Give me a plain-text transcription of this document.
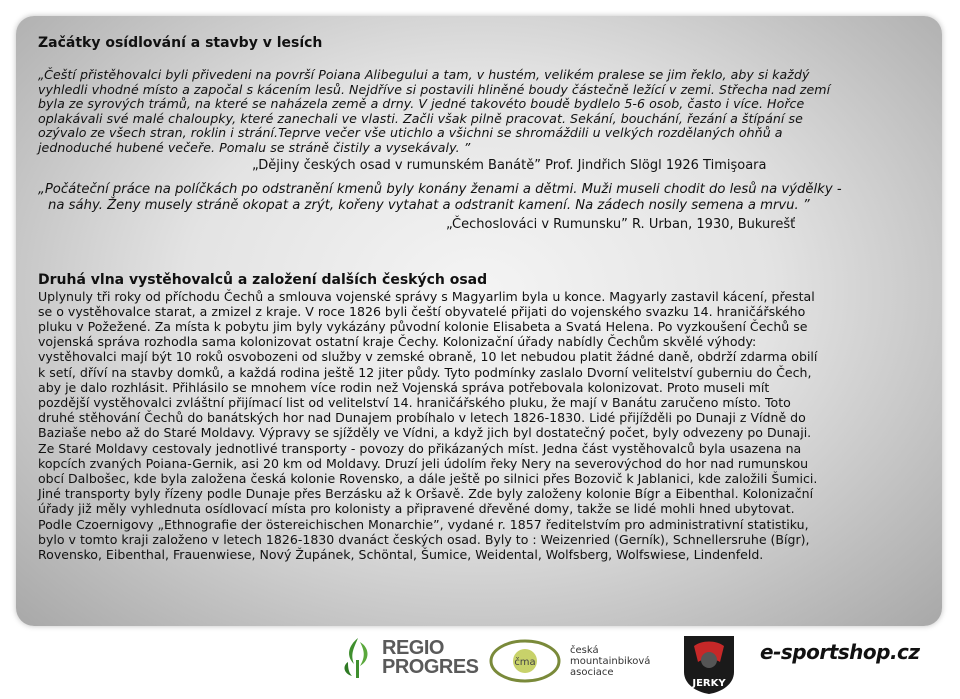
Začátky osídlování a stavby v lesích
„Čeští přistěhovalci byli přivedeni na površí Poiana Alibegului a tam, v hustém, velikém pralese se jim řeklo, aby si každý
vyhledli vhodné místo a započal s kácením lesů. Nejdříve si postavili hliněné boudy částečně ležící v zemi. Střecha nad zemí
byla ze syrových trámů, na které se naházela země a drny. V jedné takovéto boudě bydlelo 5-6 osob, často i více. Hořce
oplakávali své malé chaloupky, které zanechali ve vlasti. Začli však pilně pracovat. Sekání, bouchání, řezání a štípání se
ozývalo ze všech stran, roklin i strání.Teprve večer vše utichlo a všichni se shromáždili u velkých rozdělaných ohňů a
jednoduché hubené večeře. Pomalu se stráně čistily a vysekávaly. ”
„Dějiny českých osad v rumunském Banátě” Prof. Jindřich Slögl 1926 Timişoara
„Počáteční práce na políčkách po odstranění kmenů byly konány ženami a dětmi. Muži museli chodit do lesů na výdělky -
na sáhy. Ženy musely stráně okopat a zrýt, kořeny vytahat a odstranit kamení. Na zádech nosily semena a mrvu. ”
„Čechoslováci v Rumunsku” R. Urban, 1930, Bukurešť
Druhá vlna vystěhovalců a založení dalších českých osad
Uplynuly tři roky od příchodu Čechů a smlouva vojenské správy s Magyarlim byla u konce. Magyarly zastavil kácení, přestal
se o vystěhovalce starat, a zmizel z kraje. V roce 1826 byli čeští obyvatelé přijati do vojenského svazku 14. hraničářského
pluku v Požežené. Za místa k pobytu jim byly vykázány původní kolonie Elisabeta a Svatá Helena. Po vyzkoušení Čechů se
vojenská správa rozhodla sama kolonizovat ostatní kraje Čechy. Kolonizační úřady nabídly Čechům skvělé výhody:
vystěhovalci mají být 10 roků osvobozeni od služby v zemské obraně, 10 let nebudou platit žádné daně, obdrží zdarma obilí
k setí, dříví na stavby domků, a každá rodina ještě 12 jiter půdy. Tyto podmínky zaslalo Dvorní velitelství guberniu do Čech,
aby je dalo rozhlásit. Přihlásilo se mnohem více rodin než Vojenská správa potřebovala kolonizovat. Proto museli mít
pozdější vystěhovalci zvláštní přijímací list od velitelství 14. hraničářského pluku, že mají v Banátu zaručeno místo. Toto
druhé stěhování Čechů do banátských hor nad Dunajem probíhalo v letech 1826-1830. Lidé přijížděli po Dunaji z Vídně do
Baziaše nebo až do Staré Moldavy. Výpravy se sjížděly ve Vídni, a když jich byl dostatečný počet, byly odvezeny po Dunaji.
Ze Staré Moldavy cestovaly jednotlivé transporty - povozy do přikázaných míst. Jedna část vystěhovalců byla usazena na
kopcích zvaných Poiana-Gernik, asi 20 km od Moldavy. Druzí jeli údolím řeky Nery na severovýchod do hor nad rumunskou
obcí Dalbošec, kde byla založena česká kolonie Rovensko, a dále ještě po silnici přes Bozovič k Jablanici, kde založili Šumici.
Jiné transporty byly řízeny podle Dunaje přes Berzásku až k Oršavě. Zde byly založeny kolonie Bígr a Eibenthal. Kolonizační
úřady již měly vyhlednuta osídlovací místa pro kolonisty a připravené dřevěné domy, takže se lidé mohli hned ubytovat.
Podle Czoernigovy „Ethnografie der östereichischen Monarchie”, vydané r. 1857 ředitelstvím pro administrativní statistiku,
bylo v tomto kraji založeno v letech 1826-1830 dvanáct českých osad. Byly to : Weizenried (Gerník), Schnellersruhe (Bígr),
Rovensko, Eibenthal, Frauenwiese, Nový Župánek, Schöntal, Šumice, Weidental, Wolfsberg, Wolfswiese, Lindenfeld.
REGIO
PROGRES	čma
česká
mountainbiková
asociace
JERKY
e-sportshop.cz
